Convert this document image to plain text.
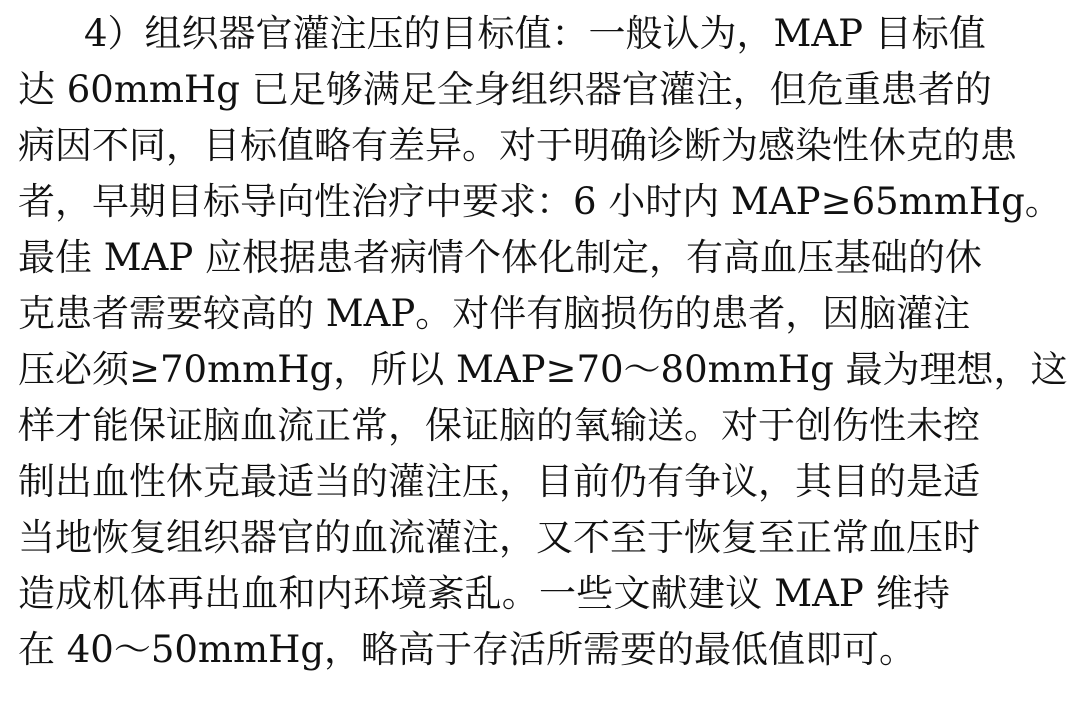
4）组织器官灌注压的目标值：一般认为，MAP 目标值
达 60mmHg 已足够满足全身组织器官灌注，但危重患者的
病因不同，目标值略有差异。对于明确诊断为感染性休克的患
者，早期目标导向性治疗中要求：6 小时内 MAP≥65mmHg。
最佳 MAP 应根据患者病情个体化制定，有高血压基础的休
克患者需要较高的 MAP。对伴有脑损伤的患者，因脑灌注
压必须≥70mmHg，所以 MAP≥70～80mmHg 最为理想，这
样才能保证脑血流正常，保证脑的氧输送。对于创伤性未控
制出血性休克最适当的灌注压，目前仍有争议，其目的是适
当地恢复组织器官的血流灌注，又不至于恢复至正常血压时
造成机体再出血和内环境紊乱。一些文献建议 MAP 维持
在 40～50mmHg，略高于存活所需要的最低值即可。
